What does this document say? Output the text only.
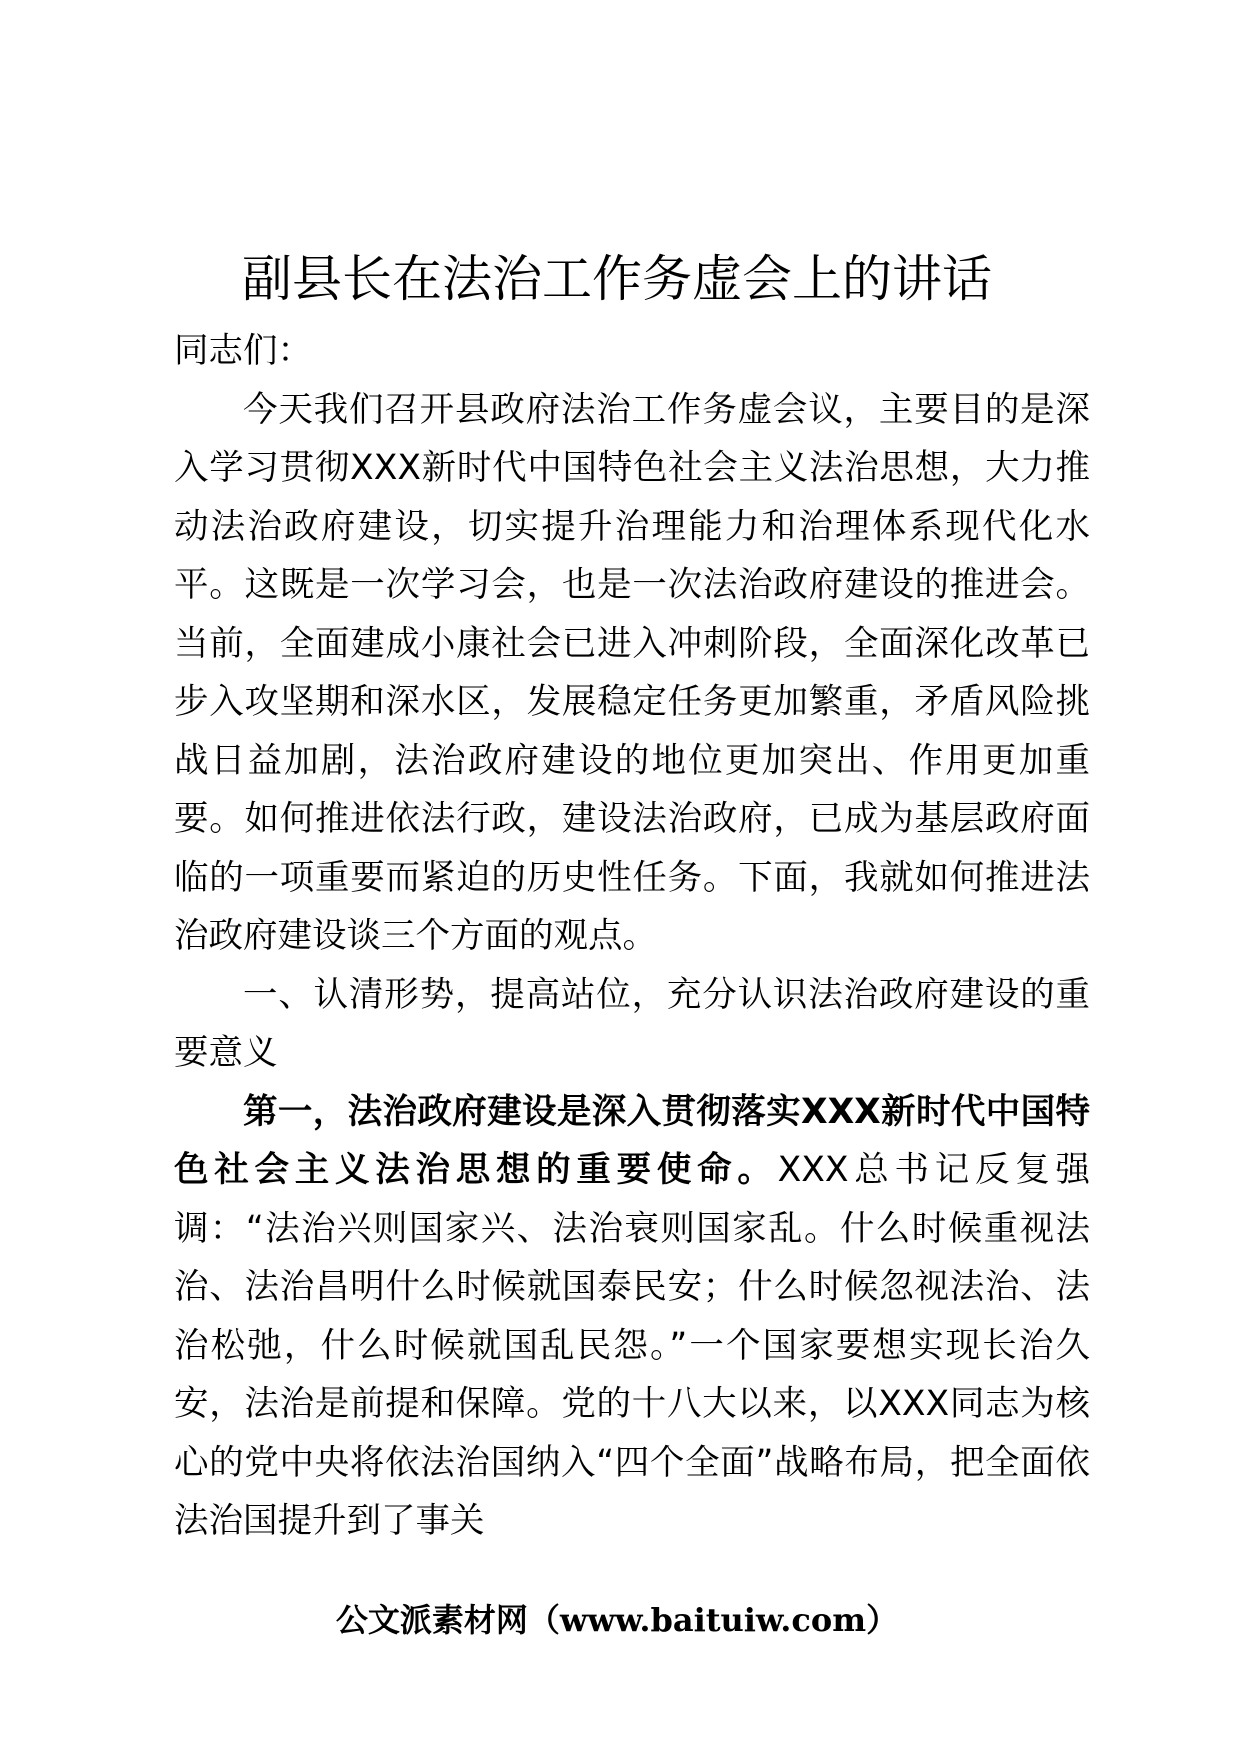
副县长在法治工作务虚会上的讲话

同志们：

今天我们召开县政府法治工作务虚会议，主要目的是深入学习贯彻XXX新时代中国特色社会主义法治思想，大力推动法治政府建设，切实提升治理能力和治理体系现代化水平。这既是一次学习会，也是一次法治政府建设的推进会。当前，全面建成小康社会已进入冲刺阶段，全面深化改革已步入攻坚期和深水区，发展稳定任务更加繁重，矛盾风险挑战日益加剧，法治政府建设的地位更加突出、作用更加重要。如何推进依法行政，建设法治政府，已成为基层政府面临的一项重要而紧迫的历史性任务。下面，我就如何推进法治政府建设谈三个方面的观点。

一、认清形势，提高站位，充分认识法治政府建设的重要意义

第一，法治政府建设是深入贯彻落实XXX新时代中国特色社会主义法治思想的重要使命。XXX总书记反复强调：“法治兴则国家兴、法治衰则国家乱。什么时候重视法治、法治昌明什么时候就国泰民安；什么时候忽视法治、法治松弛，什么时候就国乱民怨。”一个国家要想实现长治久安，法治是前提和保障。党的十八大以来，以XXX同志为核心的党中央将依法治国纳入“四个全面”战略布局，把全面依法治国提升到了事关

公文派素材网（www.baituiw.com）
